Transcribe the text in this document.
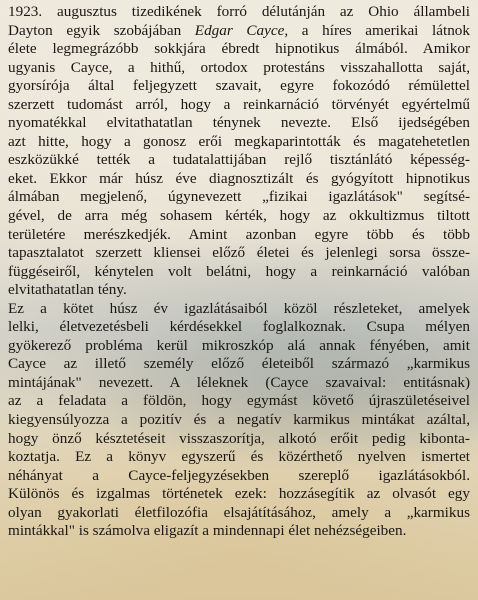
1923. augusztus tizedikének forró délutánján az Ohio állambeli
Dayton egyik szobájában Edgar Cayce, a híres amerikai látnok
élete legmegrázóbb sokkjára ébredt hipnotikus álmából. Amikor
ugyanis Cayce, a hithű, ortodox protestáns visszahallotta saját,
gyorsírója által feljegyzett szavait, egyre fokozódó rémülettel
szerzett tudomást arról, hogy a reinkarnáció törvényét egyértelmű
nyomatékkal elvitathatatlan ténynek nevezte. Első ijedségében
azt hitte, hogy a gonosz erői megkaparintották és magatehetetlen
eszközükké tették a tudatalattijában rejlő tisztánlátó képesség-
eket. Ekkor már húsz éve diagnosztizált és gyógyított hipnotikus
álmában megjelenő, úgynevezett „fizikai igazlátások" segítsé-
gével, de arra még sohasem kérték, hogy az okkultizmus tiltott
területére merészkedjék. Amint azonban egyre több és több
tapasztalatot szerzett kliensei előző életei és jelenlegi sorsa össze-
függéseiről, kénytelen volt belátni, hogy a reinkarnáció valóban
elvitathatatlan tény.
Ez a kötet húsz év igazlátásaiból közöl részleteket, amelyek
lelki, életvezetésbeli kérdésekkel foglalkoznak. Csupa mélyen
gyökerező probléma kerül mikroszkóp alá annak fényében, amit
Cayce az illető személy előző életeiből származó „karmikus
mintájának" nevezett. A léleknek (Cayce szavaival: entitásnak)
az a feladata a földön, hogy egymást követő újraszületéseivel
kiegyensúlyozza a pozitív és a negatív karmikus mintákat azáltal,
hogy önző késztetéseit visszaszorítja, alkotó erőit pedig kibonta-
koztatja. Ez a könyv egyszerű és közérthető nyelven ismertet
néhányat a Cayce-feljegyzésekben szereplő igazlátásokból.
Különös és izgalmas történetek ezek: hozzásegítik az olvasót egy
olyan gyakorlati életfilozófia elsajátításához, amely a „karmikus
mintákkal" is számolva eligazít a mindennapi élet nehézségeiben.
